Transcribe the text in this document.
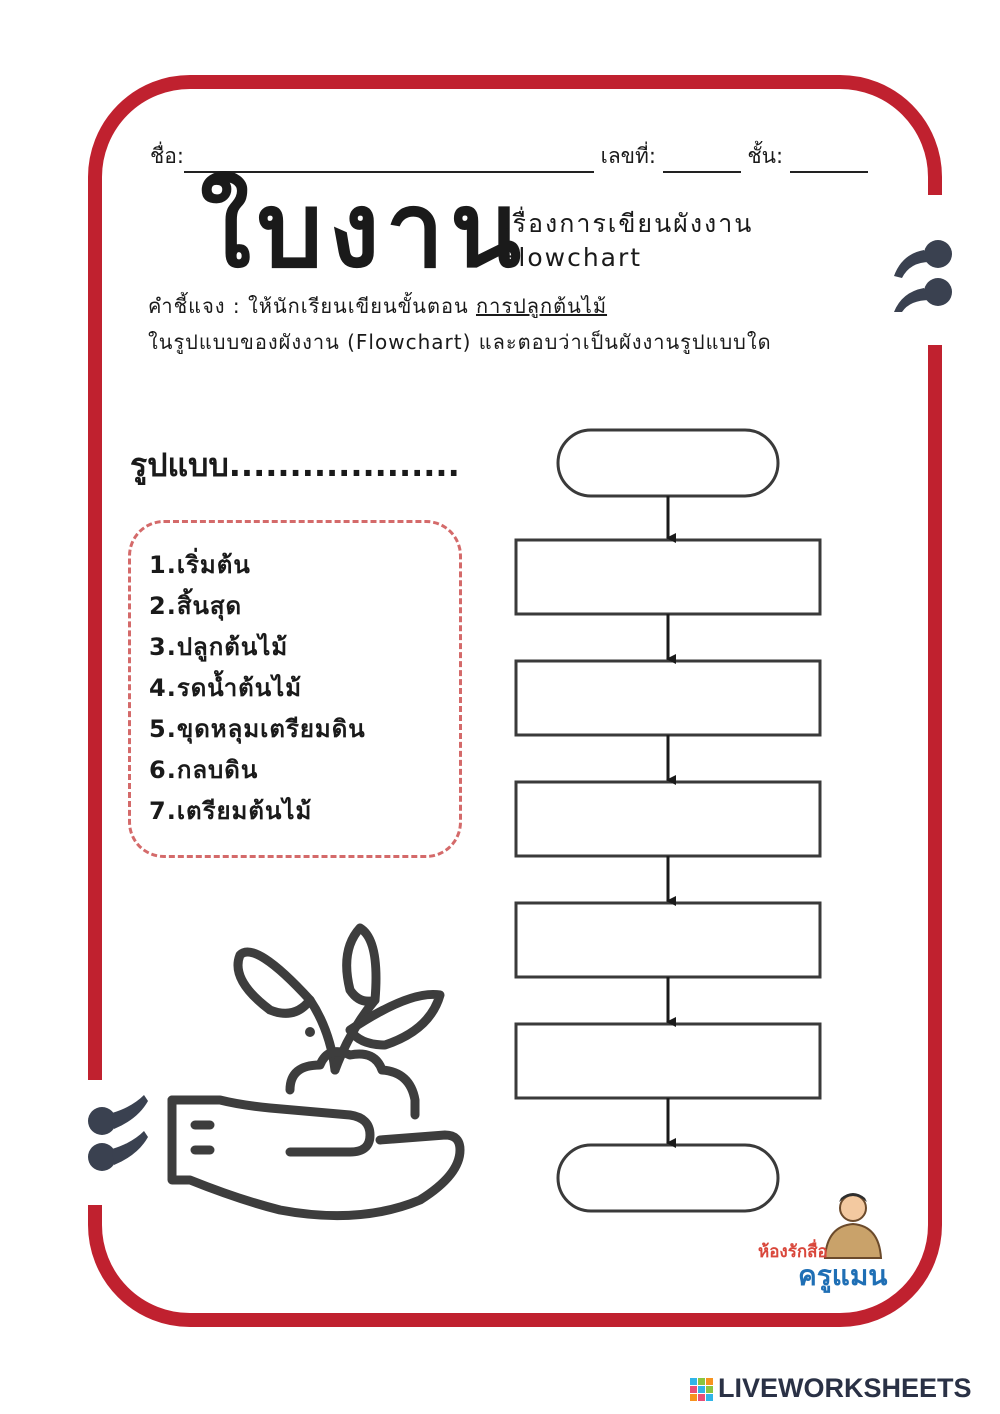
ชื่อ:	เลขที่:	ชั้น:
ใบงาน
เรื่องการเขียนผังงาน
Flowchart
คำชี้แจง : ให้นักเรียนเขียนขั้นตอน การปลูกต้นไม้
ในรูปแบบของผังงาน (Flowchart) และตอบว่าเป็นผังงานรูปแบบใด
รูปแบบ...................
1.เริ่มต้น
2.สิ้นสุด
3.ปลูกต้นไม้
4.รดน้ำต้นไม้
5.ขุดหลุมเตรียมดิน
6.กลบดิน
7.เตรียมต้นไม้
ห้องรักสื่อ
ครูแมน
LIVEWORKSHEETS
